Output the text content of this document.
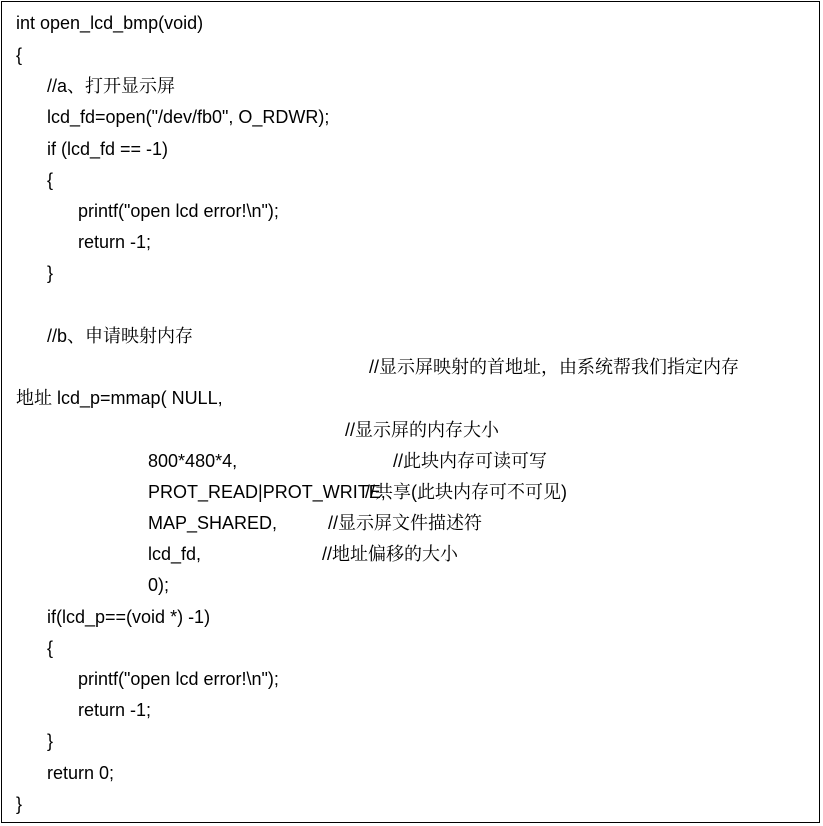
int open_lcd_bmp(void)
{
//a、打开显示屏
lcd_fd=open("/dev/fb0", O_RDWR);
if (lcd_fd == -1)
{
printf("open lcd error!\n");
return -1;
}
//b、申请映射内存

lcd_p=mmap( NULL,

//显示屏映射的首地址，由系统帮我们指定内存

地址

800*480*4,

//显示屏的内存大小

PROT_READ|PROT_WRITE,

//此块内存可读可写

MAP_SHARED,

//共享(此块内存可不可见)

lcd_fd,

//显示屏文件描述符

0);

//地址偏移的大小

if(lcd_p==(void *) -1)
{
printf("open lcd error!\n");
return -1;
}
return 0;
}
